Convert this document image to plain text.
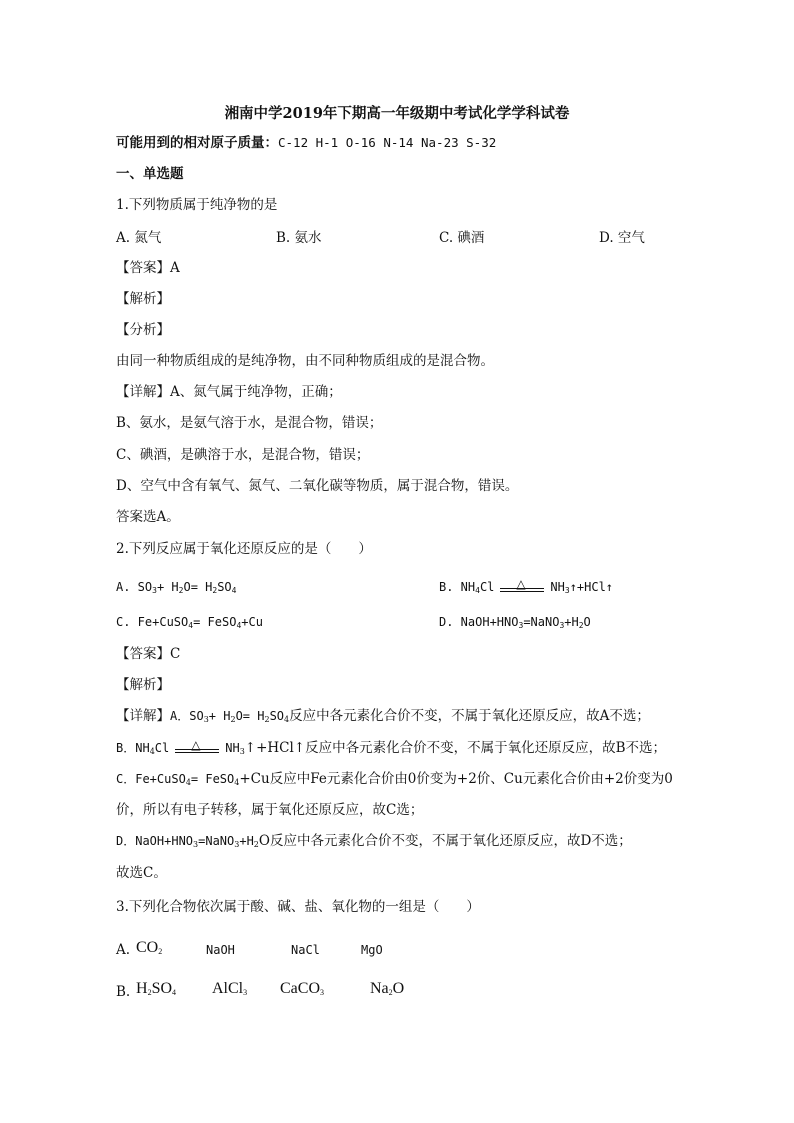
湘南中学2019年下期高一年级期中考试化学学科试卷
可能用到的相对原子质量：C-12 H-1 O-16 N-14 Na-23 S-32
一、单选题
1.下列物质属于纯净物的是
A. 氮气	B. 氨水	C. 碘酒	D. 空气
【答案】A
【解析】
【分析】
由同一种物质组成的是纯净物，由不同种物质组成的是混合物。
【详解】A、氮气属于纯净物，正确；
B、氨水，是氨气溶于水，是混合物，错误；
C、碘酒，是碘溶于水，是混合物，错误；
D、空气中含有氧气、氮气、二氧化碳等物质，属于混合物，错误。
答案选A。
2.下列反应属于氧化还原反应的是（　　）
A. $SO_3+ H_2O= H_2SO_4$	B. $NH_4Cl$ △ $NH_3↑+HCl↑$
C. Fe+CuSO$_4$= FeSO$_4$+Cu	D. $NaOH+HNO_3=NaNO_3+H_2O$
【答案】C
【解析】
【详解】A．$SO_3+ H_2O= H_2SO_4$反应中各元素化合价不变，不属于氧化还原反应，故A不选；
B．$NH_4Cl$ △ $NH_3↑+HCl↑$反应中各元素化合价不变，不属于氧化还原反应，故B不选；
C．Fe+CuSO$_4$= FeSO$_4$+Cu反应中Fe元素化合价由0价变为+2价、Cu元素化合价由+2价变为0
价，所以有电子转移，属于氧化还原反应，故C选；
D．$NaOH+HNO_3=NaNO_3+H_2O$反应中各元素化合价不变，不属于氧化还原反应，故D不选；
故选C。
3.下列化合物依次属于酸、碱、盐、氧化物的一组是（　　）
A. $CO_2$	NaOH	NaCl	MgO
B. $H_2SO_4$ AlCl$_3$ CaCO$_3$	$Na_2O$
